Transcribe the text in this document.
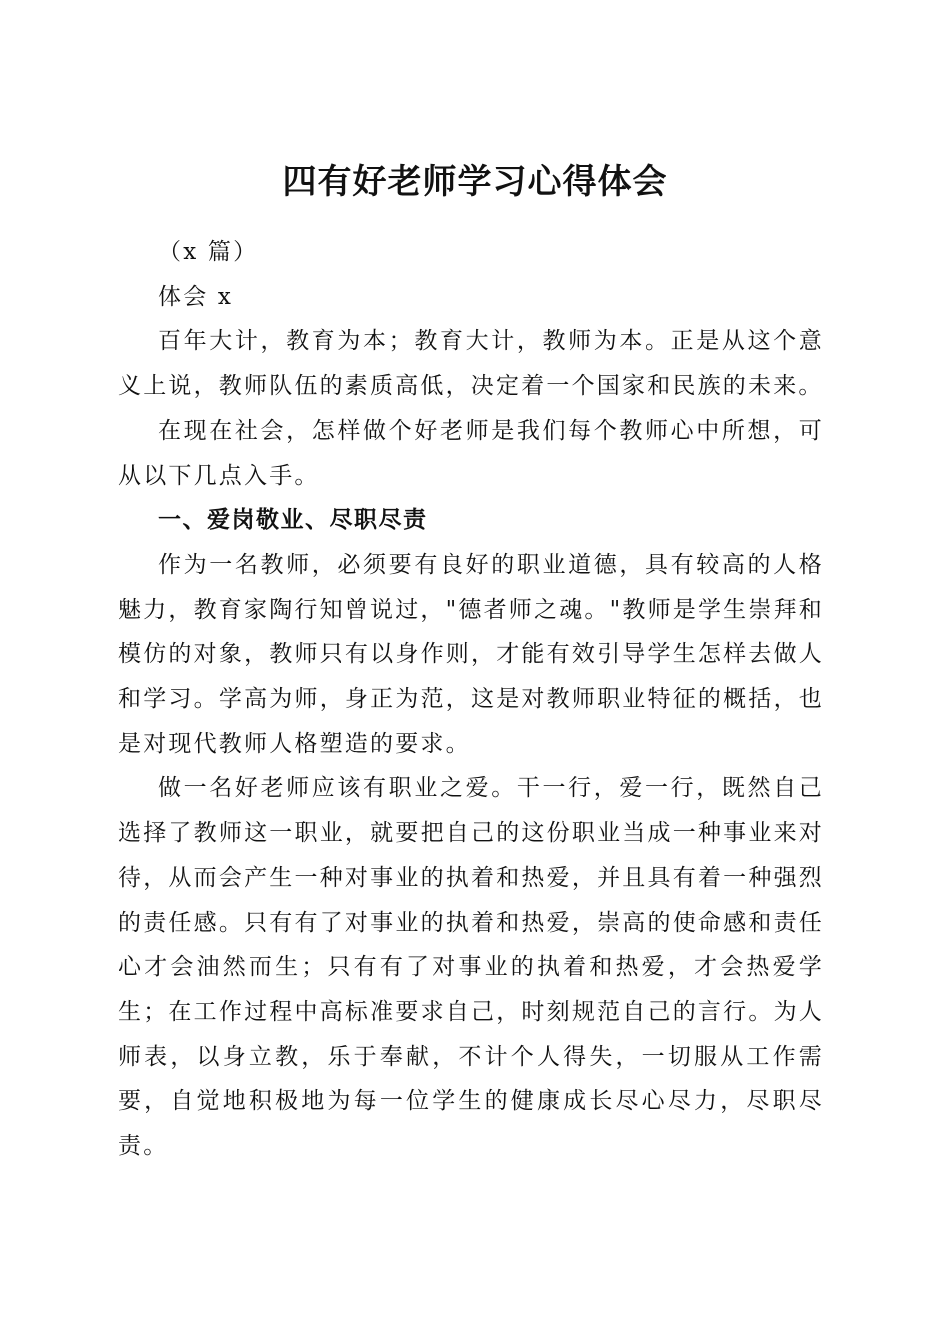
四有好老师学习心得体会

（x 篇）

体会 x

百年大计，教育为本；教育大计，教师为本。正是从这个意义上说，教师队伍的素质高低，决定着一个国家和民族的未来。

在现在社会，怎样做个好老师是我们每个教师心中所想，可从以下几点入手。

一、爱岗敬业、尽职尽责

作为一名教师，必须要有良好的职业道德，具有较高的人格魅力，教育家陶行知曾说过，"德者师之魂。"教师是学生崇拜和模仿的对象，教师只有以身作则，才能有效引导学生怎样去做人和学习。学高为师，身正为范，这是对教师职业特征的概括，也是对现代教师人格塑造的要求。

做一名好老师应该有职业之爱。干一行，爱一行，既然自己选择了教师这一职业，就要把自己的这份职业当成一种事业来对待，从而会产生一种对事业的执着和热爱，并且具有着一种强烈的责任感。只有有了对事业的执着和热爱，崇高的使命感和责任心才会油然而生；只有有了对事业的执着和热爱，才会热爱学生；在工作过程中高标准要求自己，时刻规范自己的言行。为人师表，以身立教，乐于奉献，不计个人得失，一切服从工作需要，自觉地积极地为每一位学生的健康成长尽心尽力，尽职尽责。
